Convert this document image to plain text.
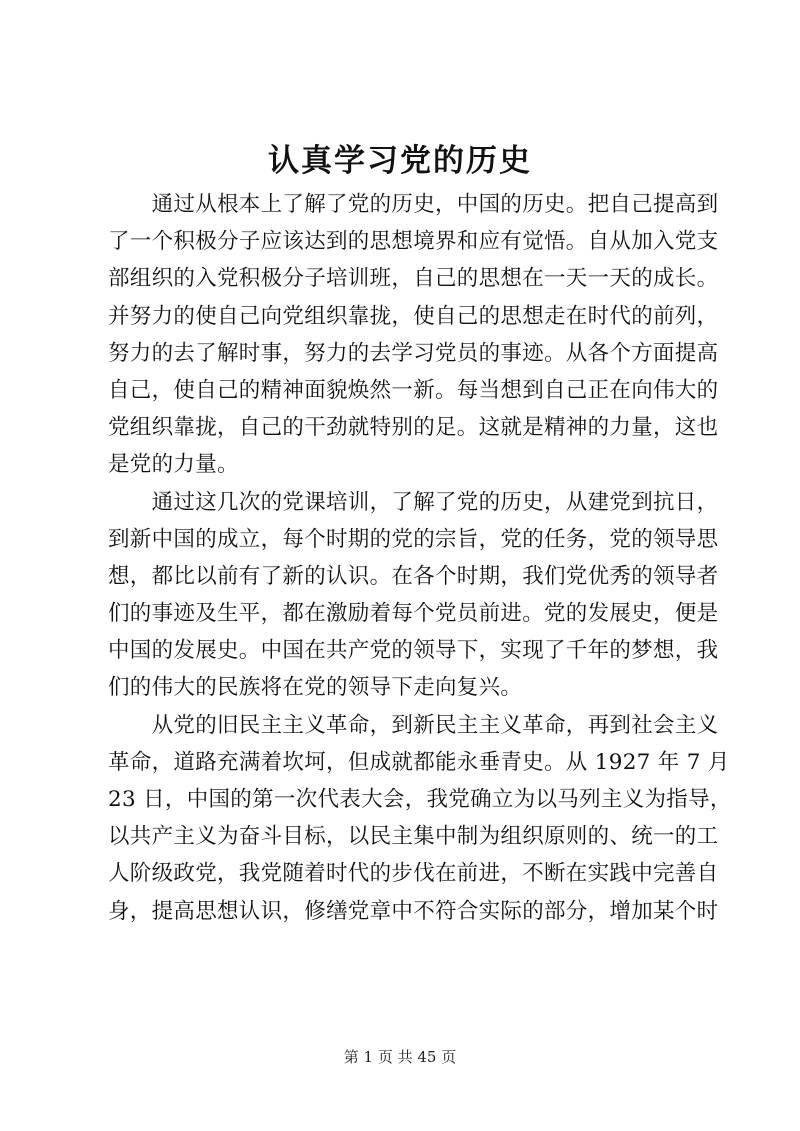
认真学习党的历史
　　通过从根本上了解了党的历史，中国的历史。把自己提高到
了一个积极分子应该达到的思想境界和应有觉悟。自从加入党支
部组织的入党积极分子培训班，自己的思想在一天一天的成长。
并努力的使自己向党组织靠拢，使自己的思想走在时代的前列，
努力的去了解时事，努力的去学习党员的事迹。从各个方面提高
自己，使自己的精神面貌焕然一新。每当想到自己正在向伟大的
党组织靠拢，自己的干劲就特别的足。这就是精神的力量，这也
是党的力量。
　　通过这几次的党课培训，了解了党的历史，从建党到抗日，
到新中国的成立，每个时期的党的宗旨，党的任务，党的领导思
想，都比以前有了新的认识。在各个时期，我们党优秀的领导者
们的事迹及生平，都在激励着每个党员前进。党的发展史，便是
中国的发展史。中国在共产党的领导下，实现了千年的梦想，我
们的伟大的民族将在党的领导下走向复兴。
　　从党的旧民主主义革命，到新民主主义革命，再到社会主义
革命，道路充满着坎坷，但成就都能永垂青史。从 1927 年 7 月
23 日，中国的第一次代表大会，我党确立为以马列主义为指导，
以共产主义为奋斗目标，以民主集中制为组织原则的、统一的工
人阶级政党，我党随着时代的步伐在前进，不断在实践中完善自
身，提高思想认识，修缮党章中不符合实际的部分，增加某个时
第 1 页 共 45 页
